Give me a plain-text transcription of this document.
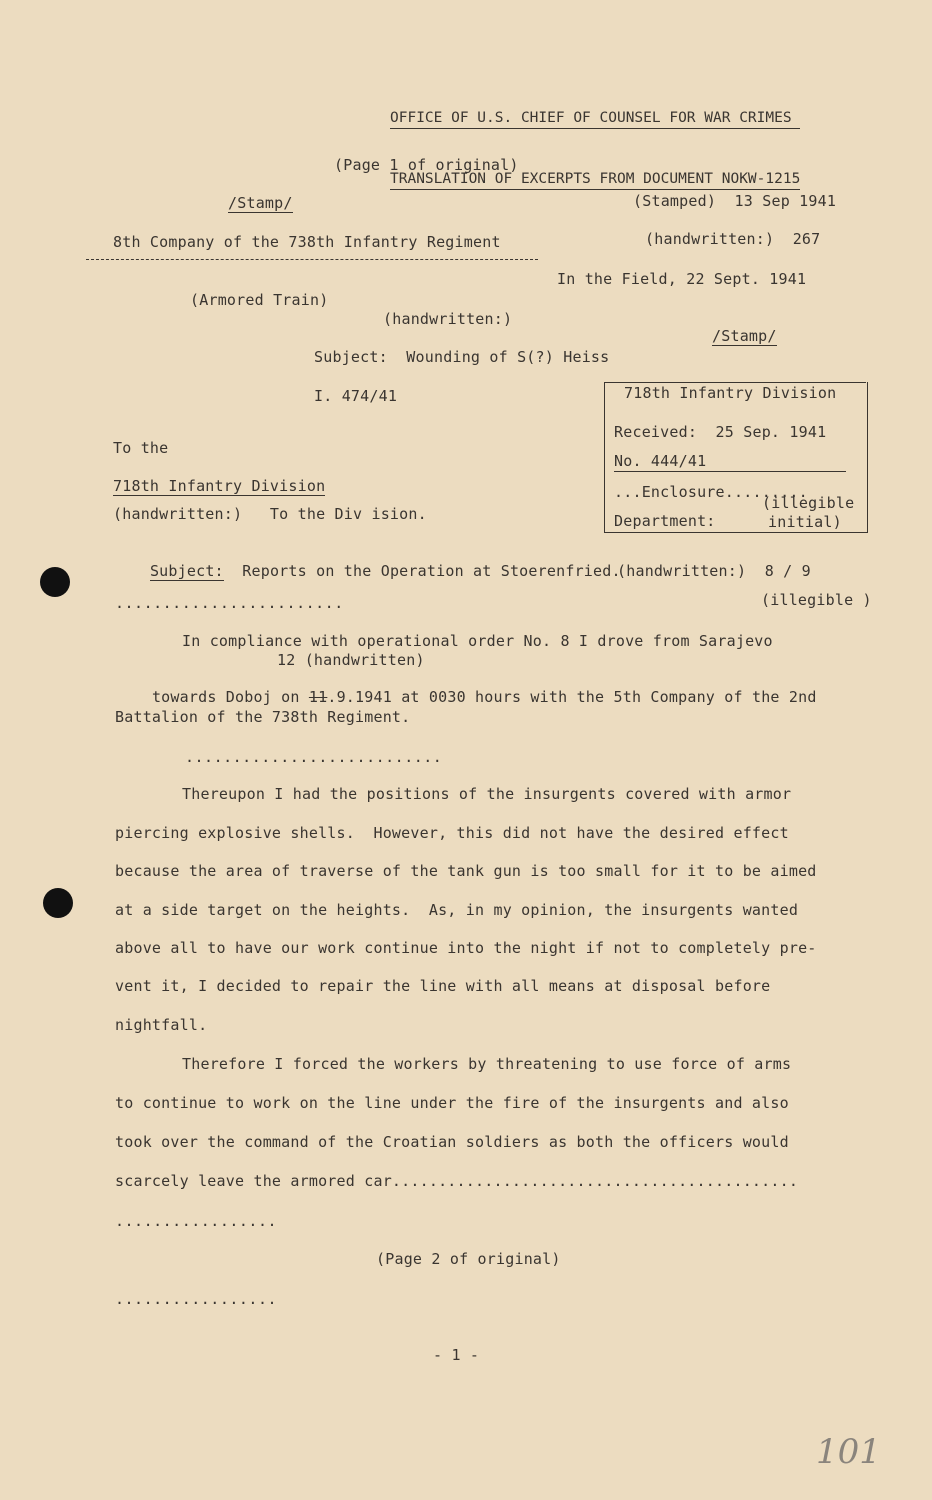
OFFICE OF U.S. CHIEF OF COUNSEL FOR WAR CRIMES

TRANSLATION OF EXCERPTS FROM DOCUMENT NOKW-1215

(Page 1 of original)
/Stamp/	(Stamped)  13 Sep 1941
8th Company of the 738th Infantry Regiment	(handwritten:)  267
In the Field, 22 Sept. 1941
(Armored Train)
(handwritten:)
/Stamp/
Subject:  Wounding of S(?) Heiss
I. 474/41	718th Infantry Division
Received:  25 Sep. 1941
No. 444/41
...Enclosure.........
(illegible
Department:	initial)
To the
718th Infantry Division
(handwritten:)   To the Div ision.

Subject:  Reports on the Operation at Stoerenfried.

(handwritten:)  8 / 9
(illegible )
........................
In compliance with operational order No. 8 I drove from Sarajevo
12 (handwritten)

towards Doboj on 11.9.1941 at 0030 hours with the 5th Company of the 2nd

Battalion of the 738th Regiment.
...........................
Thereupon I had the positions of the insurgents covered with armor
piercing explosive shells.  However, this did not have the desired effect
because the area of traverse of the tank gun is too small for it to be aimed
at a side target on the heights.  As, in my opinion, the insurgents wanted
above all to have our work continue into the night if not to completely pre-
vent it, I decided to repair the line with all means at disposal before
nightfall.
Therefore I forced the workers by threatening to use force of arms
to continue to work on the line under the fire of the insurgents and also
took over the command of the Croatian soldiers as both the officers would
scarcely leave the armored car............................................
.................
(Page 2 of original)
.................
- 1 -
101
